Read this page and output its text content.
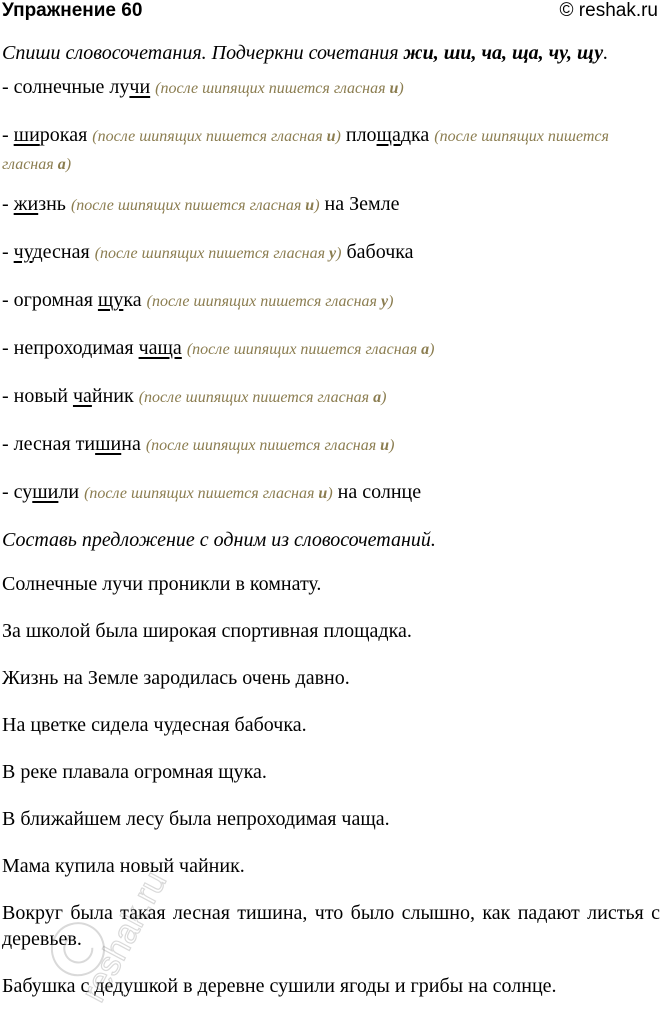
Упражнение 60	© reshak.ru

Спиши словосочетания. Подчеркни сочетания жи, ши, ча, ща, чу, щу.

- солнечные лучи (после шипящих пишется гласная и)

- широкая (после шипящих пишется гласная и) площадка (после шипящих пишется гласная а)

- жизнь (после шипящих пишется гласная и) на Земле

- чудесная (после шипящих пишется гласная у) бабочка

- огромная щука (после шипящих пишется гласная у)

- непроходимая чаща (после шипящих пишется гласная а)

- новый чайник (после шипящих пишется гласная а)

- лесная тишина (после шипящих пишется гласная и)

- сушили (после шипящих пишется гласная и) на солнце

Составь предложение с одним из словосочетаний.

Солнечные лучи проникли в комнату.

За школой была широкая спортивная площадка.

Жизнь на Земле зародилась очень давно.

На цветке сидела чудесная бабочка.

В реке плавала огромная щука.

В ближайшем лесу была непроходимая чаща.

Мама купила новый чайник.

Вокруг была такая лесная тишина, что было слышно, как падают листья с деревьев.

Бабушка с дедушкой в деревне сушили ягоды и грибы на солнце.

reshak.ru
